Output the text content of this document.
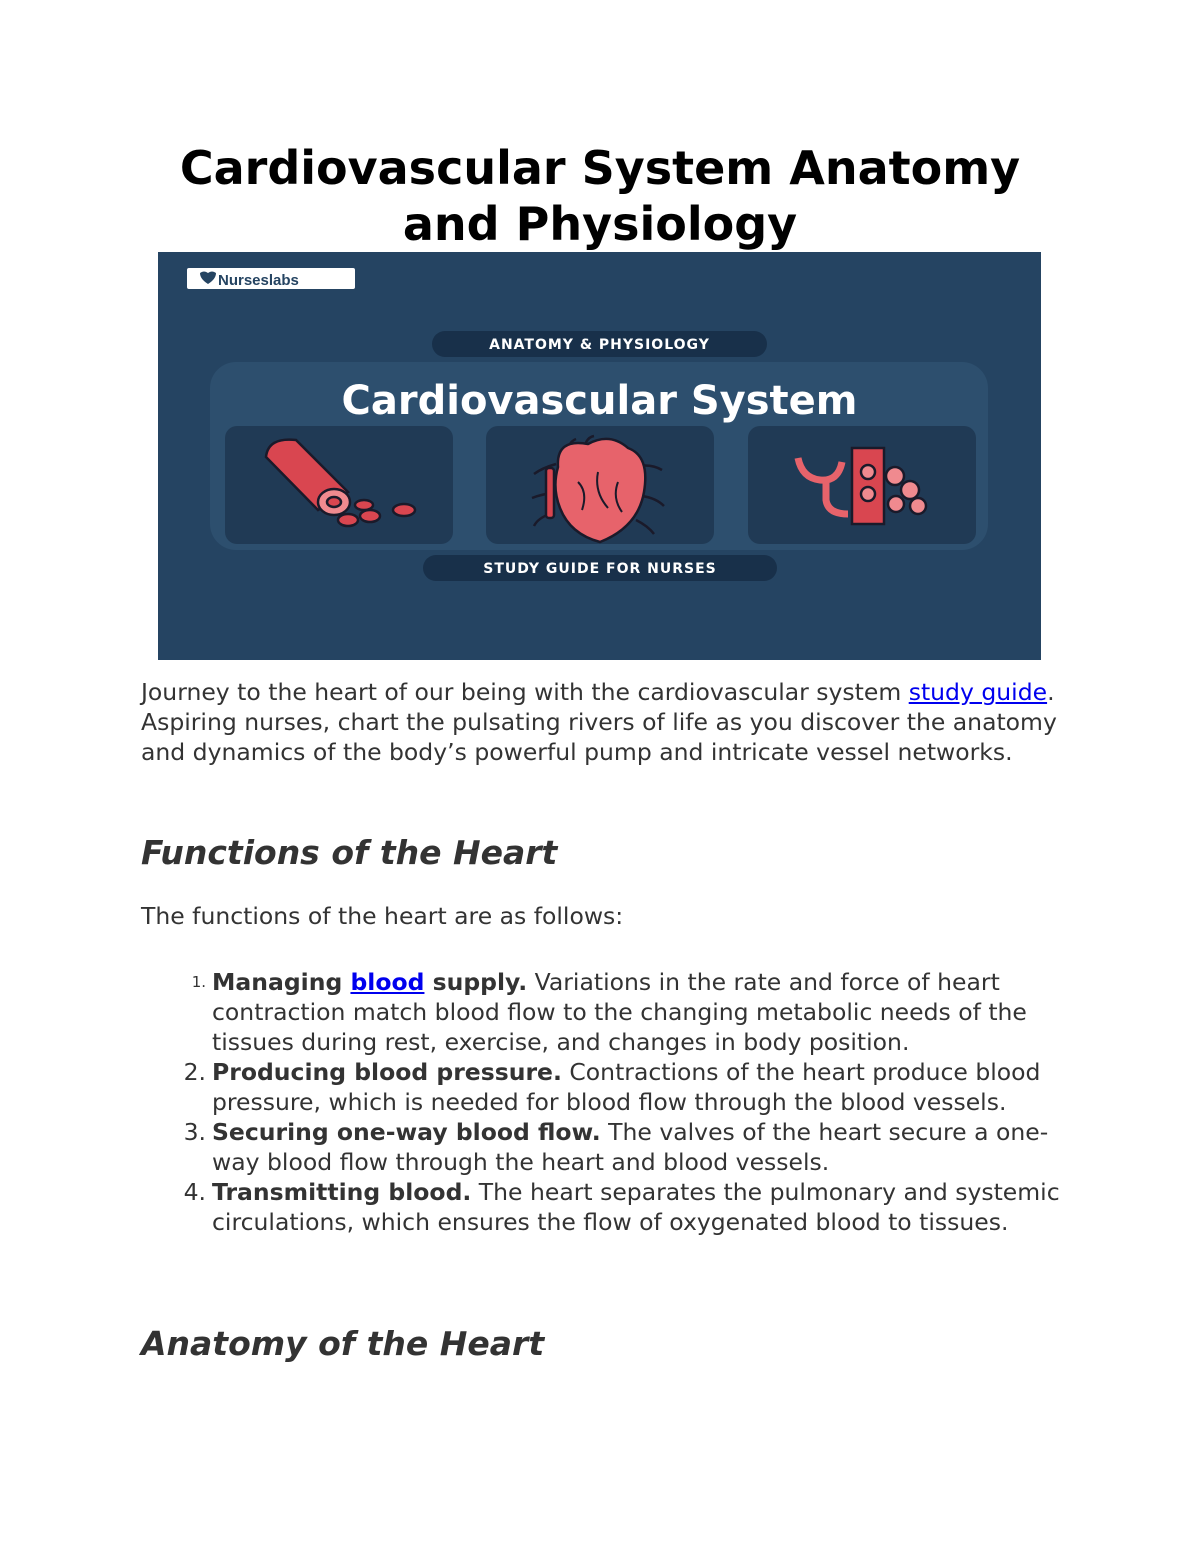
Cardiovascular System Anatomy
and Physiology
Nurseslabs
ANATOMY & PHYSIOLOGY
Cardiovascular System
STUDY GUIDE FOR NURSES

Journey to the heart of our being with the cardiovascular system study guide. Aspiring nurses, chart the pulsating rivers of life as you discover the anatomy and dynamics of the body’s powerful pump and intricate vessel networks.

Functions of the Heart

The functions of the heart are as follows:

1. Managing blood supply. Variations in the rate and force of heart contraction match blood flow to the changing metabolic needs of the tissues during rest, exercise, and changes in body position.
2. Producing blood pressure. Contractions of the heart produce blood pressure, which is needed for blood flow through the blood vessels.
3. Securing one-way blood flow. The valves of the heart secure a one-way blood flow through the heart and blood vessels.
4. Transmitting blood. The heart separates the pulmonary and systemic circulations, which ensures the flow of oxygenated blood to tissues.
Anatomy of the Heart
